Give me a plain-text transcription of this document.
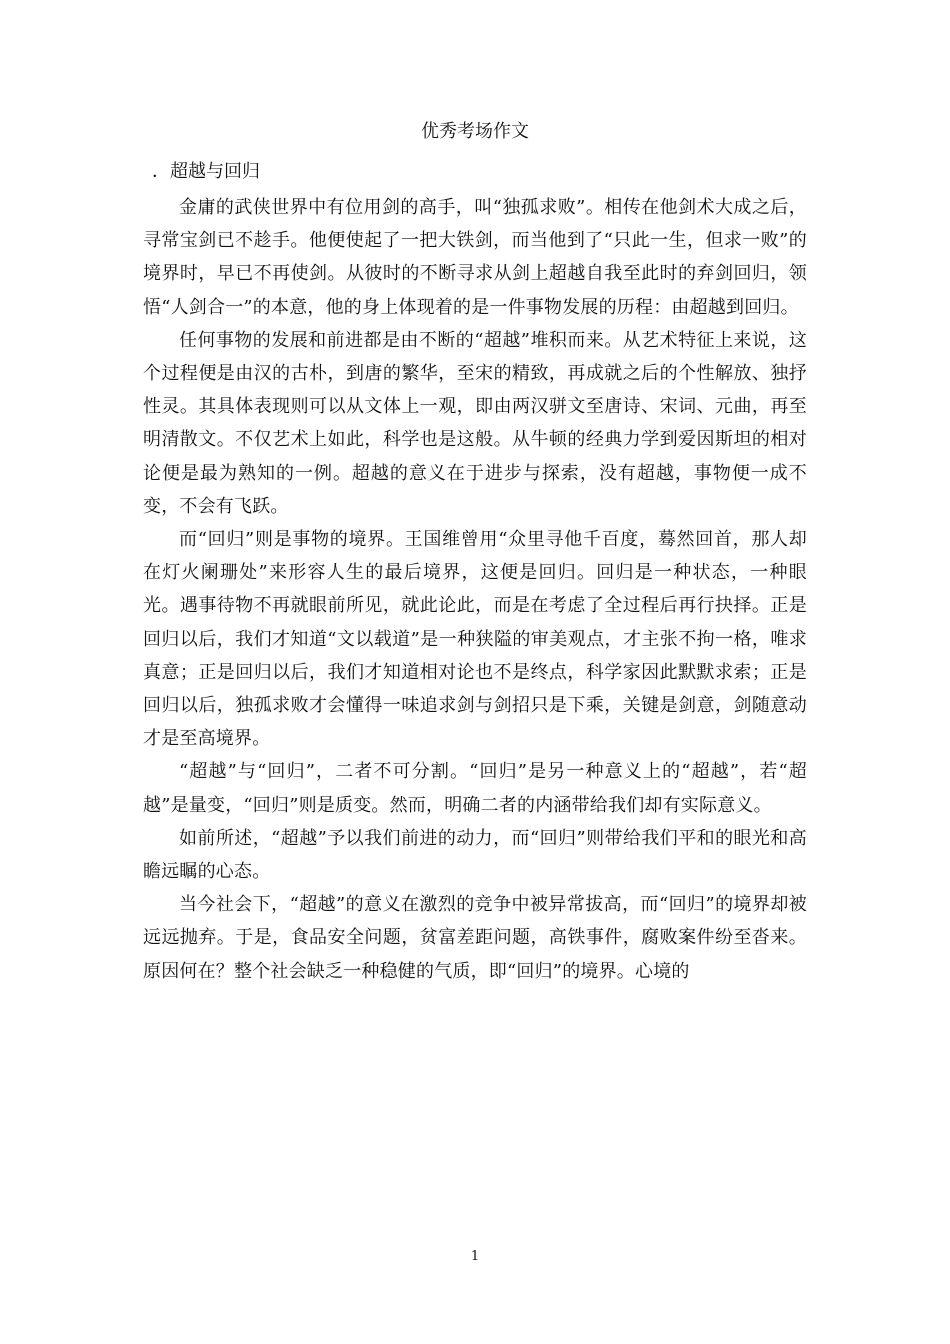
优秀考场作文
．超越与回归

金庸的武侠世界中有位用剑的高手，叫“独孤求败”。相传在他剑术大成之后，寻常宝剑已不趁手。他便使起了一把大铁剑，而当他到了“只此一生，但求一败”的境界时，早已不再使剑。从彼时的不断寻求从剑上超越自我至此时的弃剑回归，领悟“人剑合一”的本意，他的身上体现着的是一件事物发展的历程：由超越到回归。

任何事物的发展和前进都是由不断的“超越”堆积而来。从艺术特征上来说，这个过程便是由汉的古朴，到唐的繁华，至宋的精致，再成就之后的个性解放、独抒性灵。其具体表现则可以从文体上一观，即由两汉骈文至唐诗、宋词、元曲，再至明清散文。不仅艺术上如此，科学也是这般。从牛顿的经典力学到爱因斯坦的相对论便是最为熟知的一例。超越的意义在于进步与探索，没有超越，事物便一成不变，不会有飞跃。

而“回归”则是事物的境界。王国维曾用“众里寻他千百度，蓦然回首，那人却在灯火阑珊处”来形容人生的最后境界，这便是回归。回归是一种状态，一种眼光。遇事待物不再就眼前所见，就此论此，而是在考虑了全过程后再行抉择。正是回归以后，我们才知道“文以载道”是一种狭隘的审美观点，才主张不拘一格，唯求真意；正是回归以后，我们才知道相对论也不是终点，科学家因此默默求索；正是回归以后，独孤求败才会懂得一味追求剑与剑招只是下乘，关键是剑意，剑随意动才是至高境界。

“超越”与“回归”，二者不可分割。“回归”是另一种意义上的“超越”，若“超越”是量变，“回归”则是质变。然而，明确二者的内涵带给我们却有实际意义。

如前所述，“超越”予以我们前进的动力，而“回归”则带给我们平和的眼光和高瞻远瞩的心态。

当今社会下，“超越”的意义在激烈的竞争中被异常拔高，而“回归”的境界却被远远抛弃。于是，食品安全问题，贫富差距问题，高铁事件，腐败案件纷至沓来。原因何在？整个社会缺乏一种稳健的气质，即“回归”的境界。心境的

1
